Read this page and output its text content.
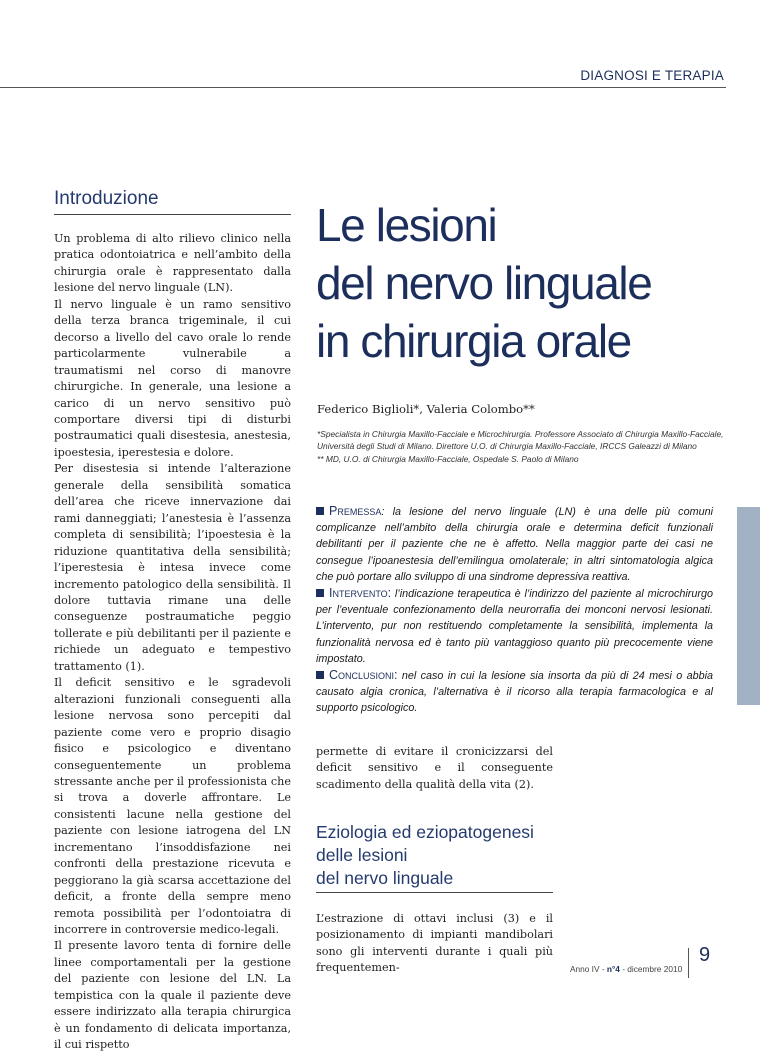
DIAGNOSI E TERAPIA
Introduzione

Un problema di alto rilievo clinico nella pratica odontoiatrica e nell’ambito della chirurgia orale è rappresentato dalla lesione del nervo linguale (LN).

Il nervo linguale è un ramo sensitivo della terza branca trigeminale, il cui decorso a livello del cavo orale lo rende particolarmente vulnerabile a traumatismi nel corso di manovre chirurgiche. In generale, una lesione a carico di un nervo sensitivo può comportare diversi tipi di disturbi postraumatici quali disestesia, anestesia, ipoestesia, iperestesia e dolore.

Per disestesia si intende l’alterazione generale della sensibilità somatica dell’area che riceve innervazione dai rami danneggiati; l’anestesia è l’assenza completa di sensibilità; l’ipoestesia è la riduzione quantitativa della sensibilità; l’iperestesia è intesa invece come incremento patologico della sensibilità. Il dolore tuttavia rimane una delle conseguenze postraumatiche peggio tollerate e più debilitanti per il paziente e richiede un adeguato e tempestivo trattamento (1).

Il deficit sensitivo e le sgradevoli alterazioni funzionali conseguenti alla lesione nervosa sono percepiti dal paziente come vero e proprio disagio fisico e psicologico e diventano conseguentemente un problema stressante anche per il professionista che si trova a doverle affrontare. Le consistenti lacune nella gestione del paziente con lesione iatrogena del LN incrementano l’insoddisfazione nei confronti della prestazione ricevuta e peggiorano la già scarsa accettazione del deficit, a fronte della sempre meno remota possibilità per l’odontoiatra di incorrere in controversie medico-legali.

Il presente lavoro tenta di fornire delle linee comportamentali per la gestione del paziente con lesione del LN. La tempistica con la quale il paziente deve essere indirizzato alla terapia chirurgica è un fondamento di delicata importanza, il cui rispetto

Le lesioni
del nervo linguale
in chirurgia orale
Federico Biglioli*, Valeria Colombo**

*Specialista in Chirurgia Maxillo-Facciale e Microchirurgia. Professore Associato di Chirurgia Maxillo-Facciale, Università degli Studi di Milano. Direttore U.O. di Chirurgia Maxillo-Facciale, IRCCS Galeazzi di Milano

** MD, U.O. di Chirurgia Maxillo-Facciale, Ospedale S. Paolo di Milano

Premessa: la lesione del nervo linguale (LN) è una delle più comuni complicanze nell’ambito della chirurgia orale e determina deficit funzionali debilitanti per il paziente che ne è affetto. Nella maggior parte dei casi ne consegue l’ipoanestesia dell’emilingua omolaterale; in altri sintomatologia algica che può portare allo sviluppo di una sindrome depressiva reattiva.

Intervento: l’indicazione terapeutica è l’indirizzo del paziente al microchirurgo per l’eventuale confezionamento della neurorrafia dei monconi nervosi lesionati. L’intervento, pur non restituendo completamente la sensibilità, implementa la funzionalità nervosa ed è tanto più vantaggioso quanto più precocemente viene impostato.

Conclusioni: nel caso in cui la lesione sia insorta da più di 24 mesi o abbia causato algia cronica, l’alternativa è il ricorso alla terapia farmacologica e al supporto psicologico.

permette di evitare il cronicizzarsi del deficit sensitivo e il conseguente scadimento della qualità della vita (2).

Eziologia ed eziopatogenesi
delle lesioni
del nervo linguale

L’estrazione di ottavi inclusi (3) e il posizionamento di impianti mandibolari sono gli interventi durante i quali più frequentemen-	Anno IV - n°4 - dicembre 2010
9
